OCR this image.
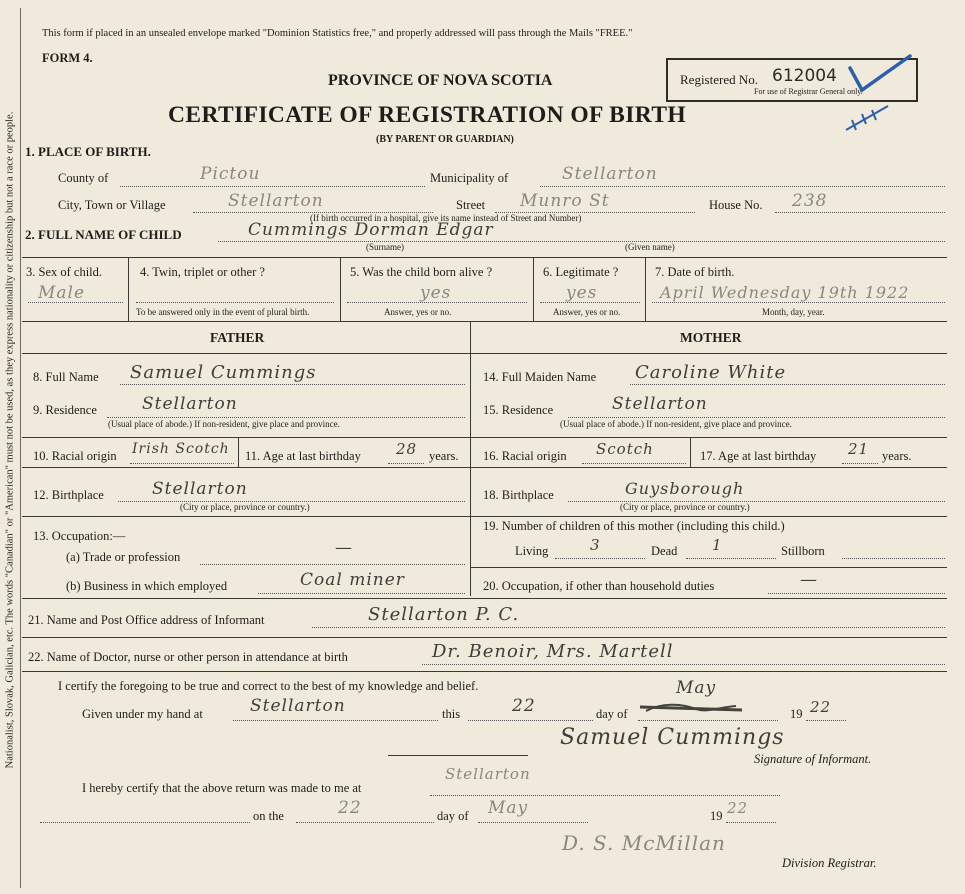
Nationalist, Slovak, Galician, etc. The words "Canadian" or "American" must not be used, as they express nationality or citizenship but not a race or people.
This form if placed in an unsealed envelope marked "Dominion Statistics free," and properly addressed will pass through the Mails "FREE."
FORM 4.
PROVINCE OF NOVA SCOTIA
CERTIFICATE OF REGISTRATION OF BIRTH
(BY PARENT OR GUARDIAN)
Registered No. 612004
For use of Registrar General only.
1. PLACE OF BIRTH.
County of	Pictou	Municipality of	Stellarton
City, Town or Village	Stellarton	Street Munro St	House No. 238
(If birth occurred in a hospital, give its name instead of Street and Number)
2. FULL NAME OF CHILD	Cummings Dorman Edgar
(Surname)	(Given name)
3. Sex of child.
Male
4. Twin, triplet or other ?
To be answered only in the event of plural birth.
5. Was the child born alive ?
yes
Answer, yes or no.
6. Legitimate ?
yes
Answer, yes or no.
7. Date of birth.
April Wednesday 19th 1922
Month, day, year.
FATHER	MOTHER
8. Full Name Samuel Cummings
9. Residence	Stellarton
(Usual place of abode.) If non-resident, give place and province.
10. Racial origin Irish Scotch 11. Age at last birthday 28 years.
12. Birthplace	Stellarton
(City or place, province or country.)
13. Occupation:—
(a) Trade or profession	—
(b) Business in which employed	Coal miner
14. Full Maiden Name Caroline White
15. Residence	Stellarton
(Usual place of abode.) If non-resident, give place and province.
16. Racial origin Scotch	17. Age at last birthday 21 years.
18. Birthplace	Guysborough
(City or place, province or country.)
19. Number of children of this mother (including this child.)
Living	3	Dead 1	Stillborn
20. Occupation, if other than household duties	—
21. Name and Post Office address of Informant	Stellarton P. C.
22. Name of Doctor, nurse or other person in attendance at birth	Dr. Benoir, Mrs. Martell
I certify the foregoing to be true and correct to the best of my knowledge and belief.
Given under my hand at	Stellarton	this	22	day of
May
19 22
Samuel Cummings
Signature of Informant.
I hereby certify that the above return was made to me at
Stellarton
on the	22	day of May	19 22
D. S. McMillan
Division Registrar.
